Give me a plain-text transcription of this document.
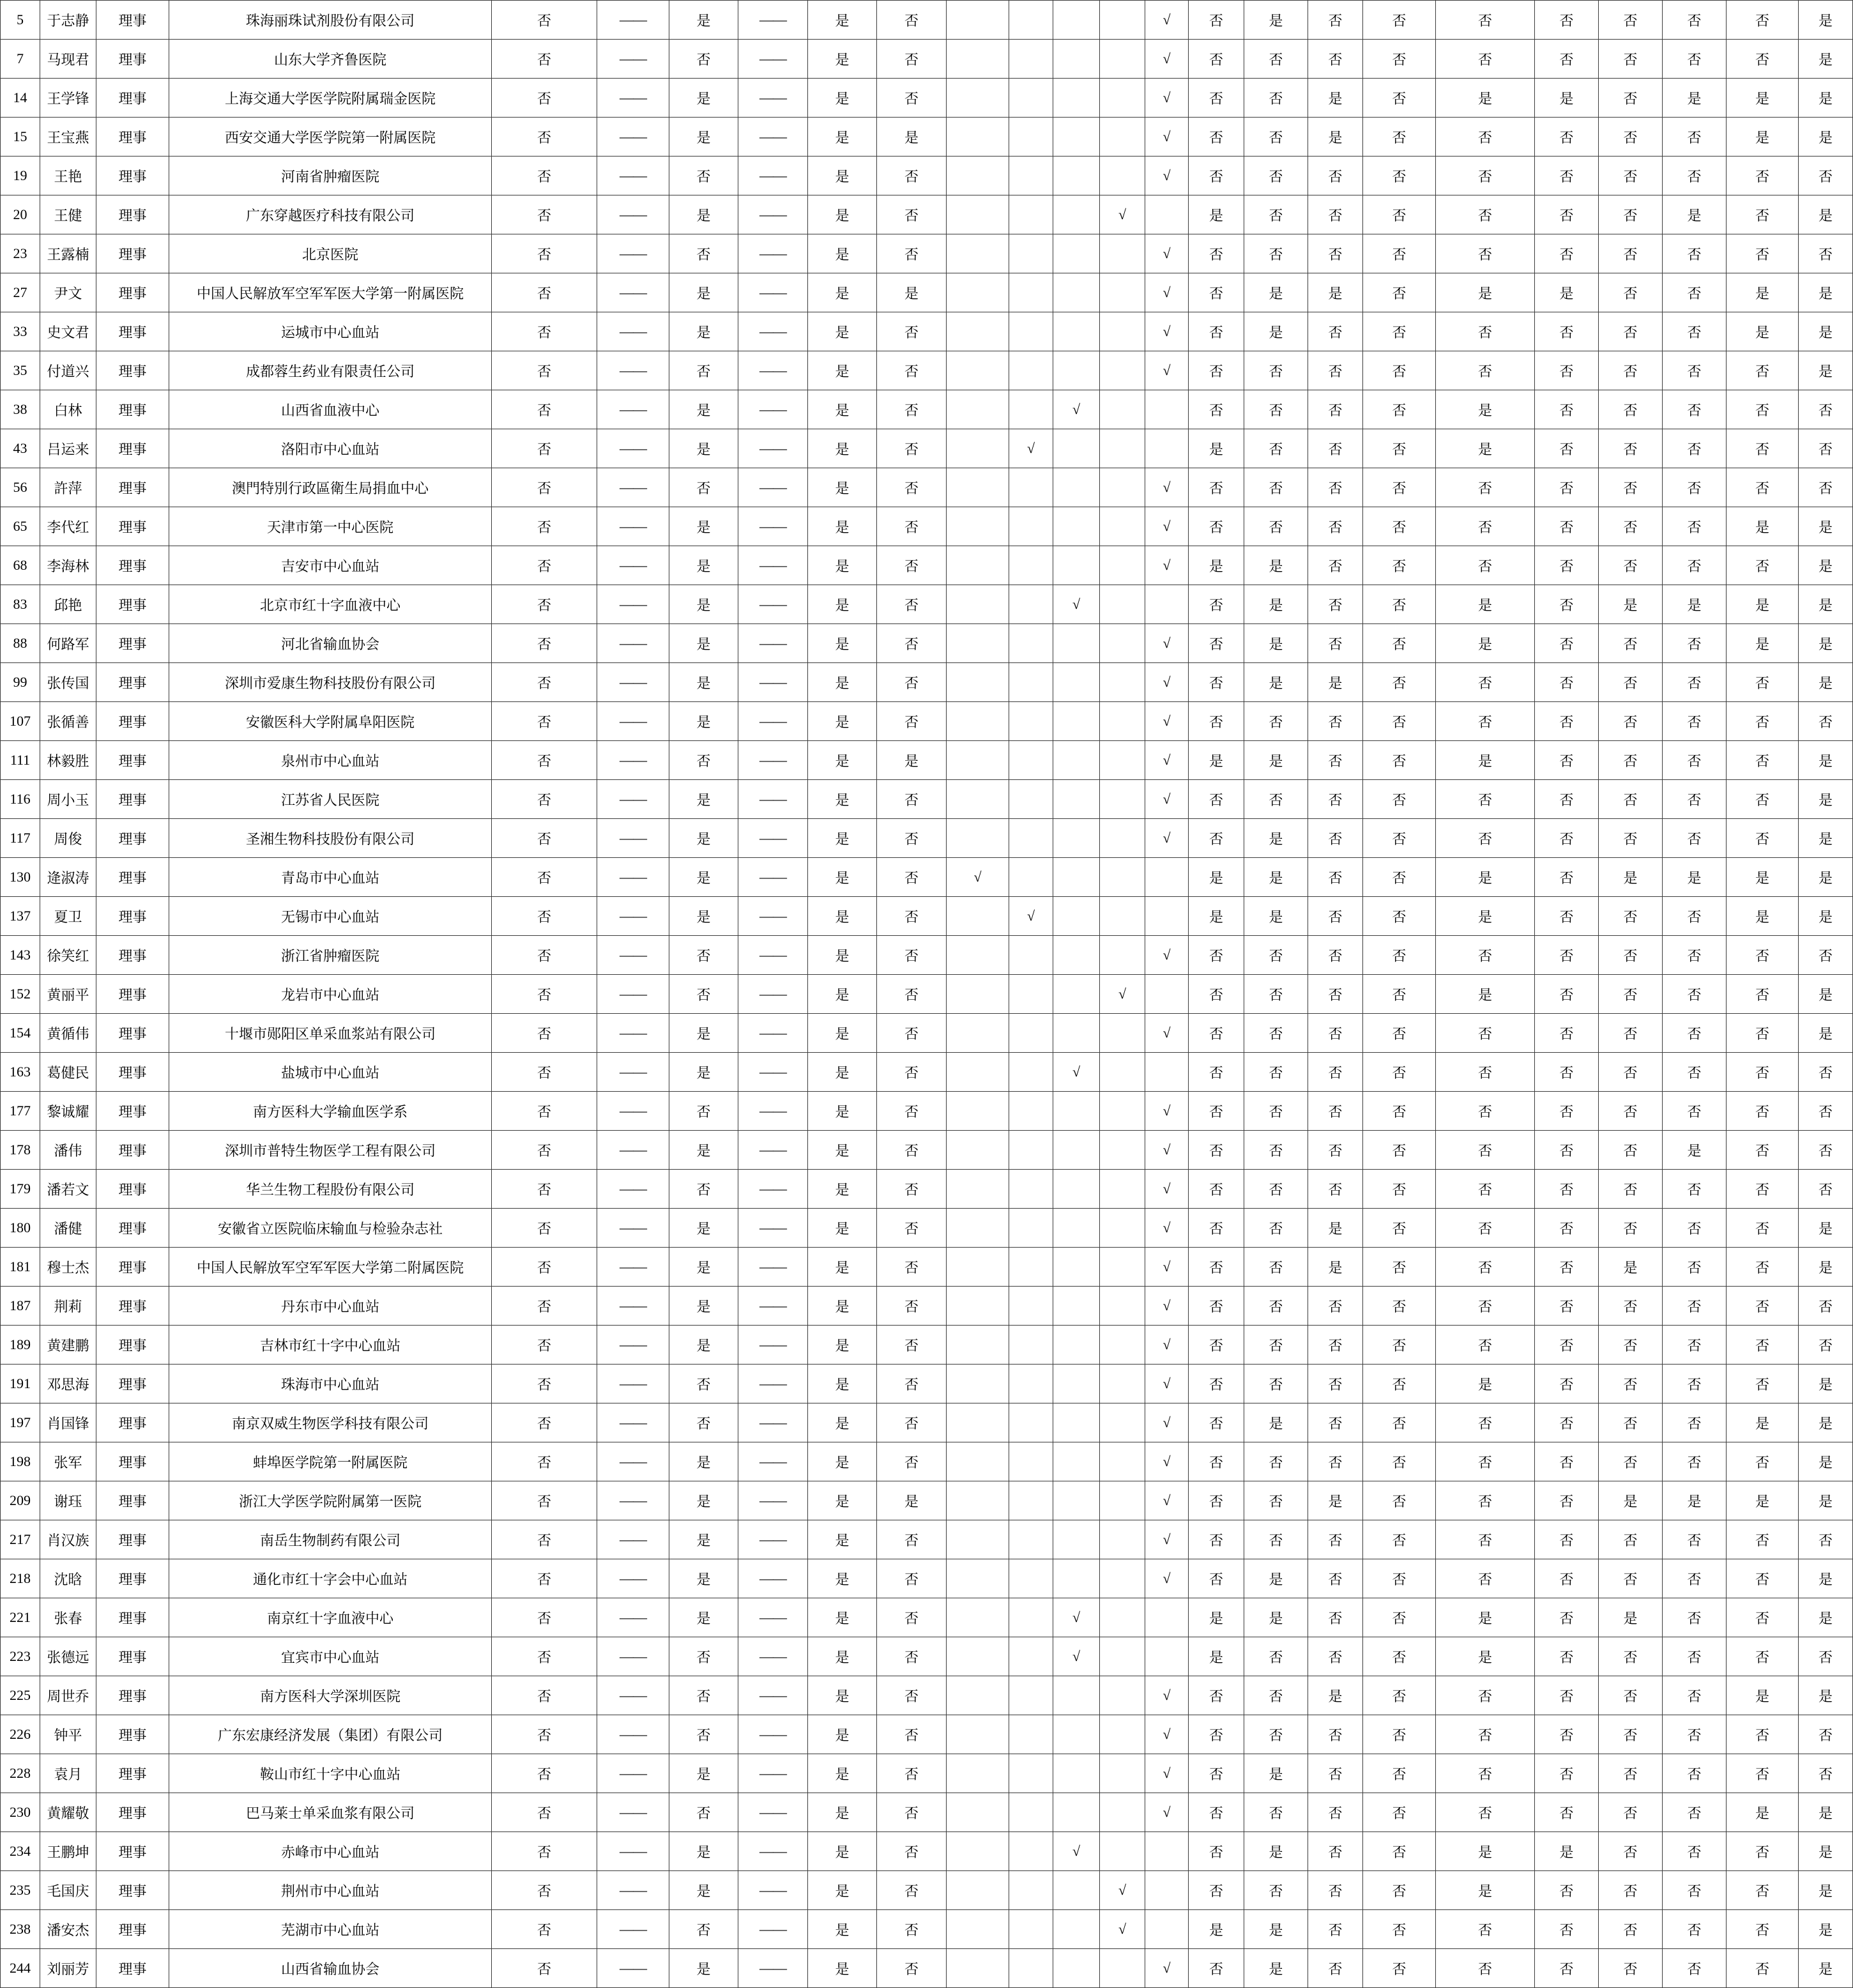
5	于志静	理事	珠海丽珠试剂股份有限公司	否	——	是	——	是	否					√	否	是	否	否	否	否	否	否	否	是
7	马现君	理事	山东大学齐鲁医院	否	——	否	——	是	否					√	否	否	否	否	否	否	否	否	否	是
14	王学锋	理事	上海交通大学医学院附属瑞金医院	否	——	是	——	是	否					√	否	否	是	否	是	是	否	是	是	是
15	王宝燕	理事	西安交通大学医学院第一附属医院	否	——	是	——	是	是					√	否	否	是	否	否	否	否	否	是	是
19	王艳	理事	河南省肿瘤医院	否	——	否	——	是	否					√	否	否	否	否	否	否	否	否	否	否
20	王健	理事	广东穿越医疗科技有限公司	否	——	是	——	是	否				√		是	否	否	否	否	否	否	是	否	是
23	王露楠	理事	北京医院	否	——	否	——	是	否					√	否	否	否	否	否	否	否	否	否	否
27	尹文	理事	中国人民解放军空军军医大学第一附属医院	否	——	是	——	是	是					√	否	是	是	否	是	是	否	否	是	是
33	史文君	理事	运城市中心血站	否	——	是	——	是	否					√	否	是	否	否	否	否	否	否	是	是
35	付道兴	理事	成都蓉生药业有限责任公司	否	——	否	——	是	否					√	否	否	否	否	否	否	否	否	否	是
38	白林	理事	山西省血液中心	否	——	是	——	是	否			√			否	否	否	否	是	否	否	否	否	否
43	吕运来	理事	洛阳市中心血站	否	——	是	——	是	否		√				是	否	否	否	是	否	否	否	否	否
56	許萍	理事	澳門特別行政區衛生局捐血中心	否	——	否	——	是	否					√	否	否	否	否	否	否	否	否	否	否
65	李代红	理事	天津市第一中心医院	否	——	是	——	是	否					√	否	否	否	否	否	否	否	否	是	是
68	李海林	理事	吉安市中心血站	否	——	是	——	是	否					√	是	是	否	否	否	否	否	否	否	是
83	邱艳	理事	北京市红十字血液中心	否	——	是	——	是	否			√			否	是	否	否	是	否	是	是	是	是
88	何路军	理事	河北省输血协会	否	——	是	——	是	否					√	否	是	否	否	是	否	否	否	是	是
99	张传国	理事	深圳市爱康生物科技股份有限公司	否	——	是	——	是	否					√	否	是	是	否	否	否	否	否	否	是
107	张循善	理事	安徽医科大学附属阜阳医院	否	——	是	——	是	否					√	否	否	否	否	否	否	否	否	否	否
111	林毅胜	理事	泉州市中心血站	否	——	否	——	是	是					√	是	是	否	否	是	否	否	否	否	是
116	周小玉	理事	江苏省人民医院	否	——	是	——	是	否					√	否	否	否	否	否	否	否	否	否	是
117	周俊	理事	圣湘生物科技股份有限公司	否	——	是	——	是	否					√	否	是	否	否	否	否	否	否	否	是
130	逄淑涛	理事	青岛市中心血站	否	——	是	——	是	否	√					是	是	否	否	是	否	是	是	是	是
137	夏卫	理事	无锡市中心血站	否	——	是	——	是	否		√				是	是	否	否	是	否	否	否	是	是
143	徐笑红	理事	浙江省肿瘤医院	否	——	否	——	是	否					√	否	否	否	否	否	否	否	否	否	否
152	黄丽平	理事	龙岩市中心血站	否	——	否	——	是	否				√		否	否	否	否	是	否	否	否	否	是
154	黄循伟	理事	十堰市郧阳区单采血浆站有限公司	否	——	是	——	是	否					√	否	否	否	否	否	否	否	否	否	是
163	葛健民	理事	盐城市中心血站	否	——	是	——	是	否			√			否	否	否	否	否	否	否	否	否	否
177	黎诚耀	理事	南方医科大学输血医学系	否	——	否	——	是	否					√	否	否	否	否	否	否	否	否	否	否
178	潘伟	理事	深圳市普特生物医学工程有限公司	否	——	是	——	是	否					√	否	否	否	否	否	否	否	是	否	否
179	潘若文	理事	华兰生物工程股份有限公司	否	——	否	——	是	否					√	否	否	否	否	否	否	否	否	否	否
180	潘健	理事	安徽省立医院临床输血与检验杂志社	否	——	是	——	是	否					√	否	否	是	否	否	否	否	否	否	是
181	穆士杰	理事	中国人民解放军空军军医大学第二附属医院	否	——	是	——	是	否					√	否	否	是	否	否	否	是	否	否	是
187	荆莉	理事	丹东市中心血站	否	——	是	——	是	否					√	否	否	否	否	否	否	否	否	否	否
189	黄建鹏	理事	吉林市红十字中心血站	否	——	是	——	是	否					√	否	否	否	否	否	否	否	否	否	否
191	邓思海	理事	珠海市中心血站	否	——	否	——	是	否					√	否	否	否	否	是	否	否	否	否	是
197	肖国锋	理事	南京双威生物医学科技有限公司	否	——	否	——	是	否					√	否	是	否	否	否	否	否	否	是	是
198	张军	理事	蚌埠医学院第一附属医院	否	——	是	——	是	否					√	否	否	否	否	否	否	否	否	否	是
209	谢珏	理事	浙江大学医学院附属第一医院	否	——	是	——	是	是					√	否	否	是	否	否	否	是	是	是	是
217	肖汉族	理事	南岳生物制药有限公司	否	——	是	——	是	否					√	否	否	否	否	否	否	否	否	否	否
218	沈晗	理事	通化市红十字会中心血站	否	——	是	——	是	否					√	否	是	否	否	否	否	否	否	否	是
221	张春	理事	南京红十字血液中心	否	——	是	——	是	否			√			是	是	否	否	是	否	是	否	否	是
223	张德远	理事	宜宾市中心血站	否	——	否	——	是	否			√			是	否	否	否	是	否	否	否	否	否
225	周世乔	理事	南方医科大学深圳医院	否	——	否	——	是	否					√	否	否	是	否	否	否	否	否	是	是
226	钟平	理事	广东宏康经济发展（集团）有限公司	否	——	否	——	是	否					√	否	否	否	否	否	否	否	否	否	否
228	袁月	理事	鞍山市红十字中心血站	否	——	是	——	是	否					√	否	是	否	否	否	否	否	否	否	否
230	黄耀敬	理事	巴马莱士单采血浆有限公司	否	——	否	——	是	否					√	否	否	否	否	否	否	否	否	是	是
234	王鹏坤	理事	赤峰市中心血站	否	——	是	——	是	否			√			否	是	否	否	是	是	否	否	否	是
235	毛国庆	理事	荆州市中心血站	否	——	是	——	是	否				√		否	否	否	否	是	否	否	否	否	是
238	潘安杰	理事	芜湖市中心血站	否	——	否	——	是	否				√		是	是	否	否	否	否	否	否	否	是
244	刘丽芳	理事	山西省输血协会	否	——	是	——	是	否					√	否	是	否	否	否	否	否	否	否	是
